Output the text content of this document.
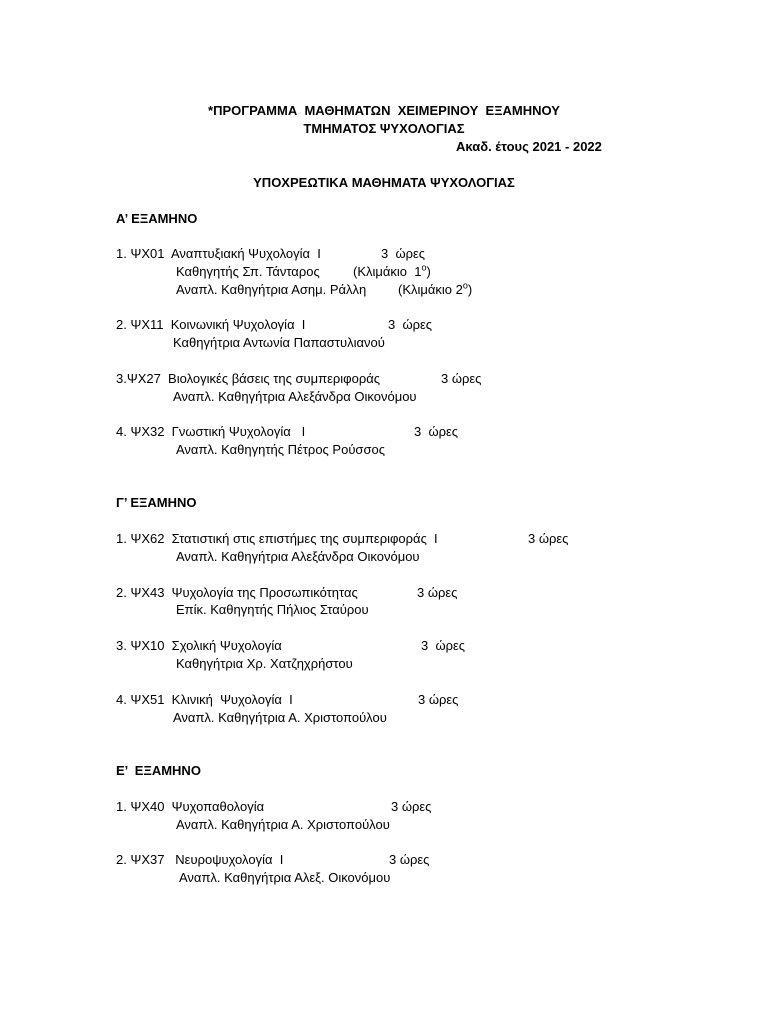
*ΠΡΟΓΡΑΜΜΑ  ΜΑΘΗΜΑΤΩΝ  ΧΕΙΜΕΡΙΝΟΥ  ΕΞΑΜΗΝΟΥ
ΤΜΗΜΑΤΟΣ ΨΥΧΟΛΟΓΙΑΣ
Ακαδ. έτους 2021 - 2022
ΥΠΟΧΡΕΩΤΙΚΑ ΜΑΘΗΜΑΤΑ ΨΥΧΟΛΟΓΙΑΣ
Α’ ΕΞΑΜΗΝΟ
1. ΨΧ01  Αναπτυξιακή Ψυχολογία  Ι	3  ώρες
Καθηγητής Σπ. Τάνταρος	(Κλιμάκιο  $1^o$)
Αναπλ. Καθηγήτρια Ασημ. Ράλλη (Κλιμάκιο $2^o$)
2. ΨΧ11  Κοινωνική Ψυχολογία  Ι	3  ώρες
Καθηγήτρια Αντωνία Παπαστυλιανού
3.ΨΧ27  Βιολογικές βάσεις της συμπεριφοράς	3 ώρες
Αναπλ. Καθηγήτρια Αλεξάνδρα Οικονόμου
4. ΨΧ32  Γνωστική Ψυχολογία   Ι	3  ώρες
Αναπλ. Καθηγητής Πέτρος Ρούσσος
Γ’ ΕΞΑΜΗΝΟ
1. ΨΧ62  Στατιστική στις επιστήμες της συμπεριφοράς  Ι	3 ώρες
Αναπλ. Καθηγήτρια Αλεξάνδρα Οικονόμου
2. ΨΧ43  Ψυχολογία της Προσωπικότητας	3 ώρες
Επίκ. Καθηγητής Πήλιος Σταύρου
3. ΨΧ10  Σχολική Ψυχολογία	3  ώρες
Καθηγήτρια Χρ. Χατζηχρήστου
4. ΨΧ51  Κλινική  Ψυχολογία  Ι	3 ώρες
Αναπλ. Καθηγήτρια Α. Χριστοπούλου
Ε’  ΕΞΑΜΗΝΟ
1. ΨΧ40  Ψυχοπαθολογία	3 ώρες
Αναπλ. Καθηγήτρια Α. Χριστοπούλου
2. ΨΧ37   Νευροψυχολογία  Ι	3 ώρες
Αναπλ. Καθηγήτρια Αλεξ. Οικονόμου
